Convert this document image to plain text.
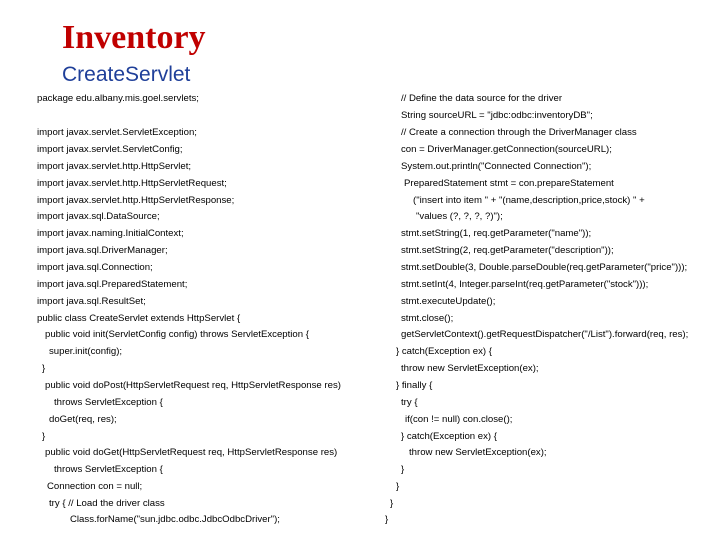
Inventory
CreateServlet
package edu.albany.mis.goel.servlets;
import javax.servlet.ServletException;
import javax.servlet.ServletConfig;
import javax.servlet.http.HttpServlet;
import javax.servlet.http.HttpServletRequest;
import javax.servlet.http.HttpServletResponse;
import javax.sql.DataSource;
import javax.naming.InitialContext;
import java.sql.DriverManager;
import java.sql.Connection;
import java.sql.PreparedStatement;
import java.sql.ResultSet;
public class CreateServlet extends HttpServlet {
public void init(ServletConfig config) throws ServletException {
super.init(config);
}
public void doPost(HttpServletRequest req, HttpServletResponse res)
throws ServletException {
doGet(req, res);
}
public void doGet(HttpServletRequest req, HttpServletResponse res)
throws ServletException {
Connection con = null;
try { // Load the driver class
Class.forName("sun.jdbc.odbc.JdbcOdbcDriver");
// Define the data source for the driver
String sourceURL = "jdbc:odbc:inventoryDB";
// Create a connection through the DriverManager class
con = DriverManager.getConnection(sourceURL);
System.out.println("Connected Connection");
PreparedStatement stmt = con.prepareStatement
("insert into item " + "(name,description,price,stock) " +
"values (?, ?, ?, ?)");
stmt.setString(1, req.getParameter("name"));
stmt.setString(2, req.getParameter("description"));
stmt.setDouble(3, Double.parseDouble(req.getParameter("price")));
stmt.setInt(4, Integer.parseInt(req.getParameter("stock")));
stmt.executeUpdate();
stmt.close();
getServletContext().getRequestDispatcher("/List").forward(req, res);
} catch(Exception ex) {
throw new ServletException(ex);
} finally {
try {
if(con != null) con.close();
} catch(Exception ex) {
throw new ServletException(ex);
}
}
}
}
